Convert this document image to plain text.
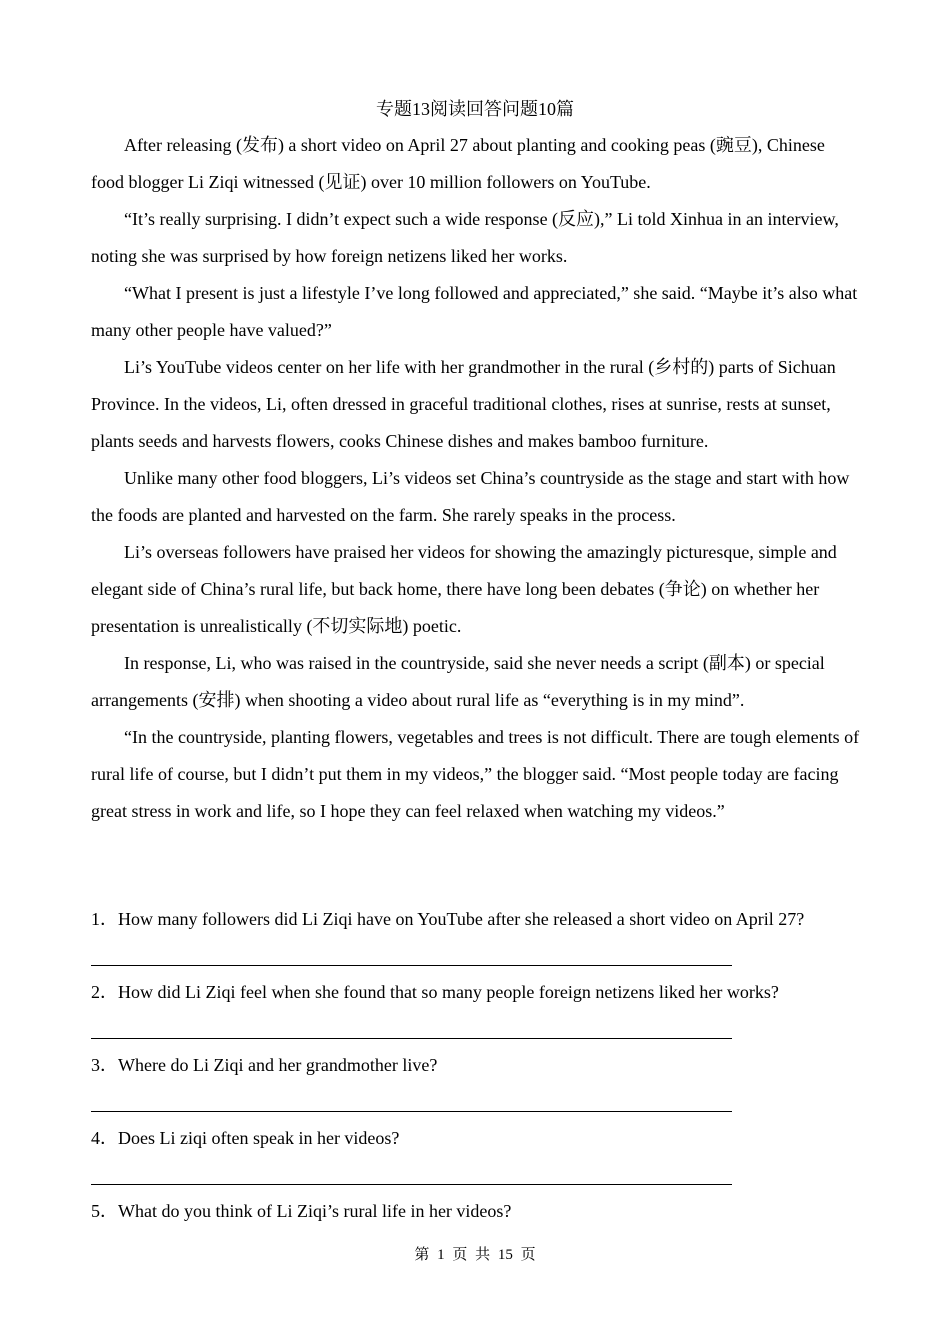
专题13阅读回答问题10篇

After releasing (发布) a short video on April 27 about planting and cooking peas (豌豆), Chinese food blogger Li Ziqi witnessed (见证) over 10 million followers on YouTube.

“It’s really surprising. I didn’t expect such a wide response (反应),” Li told Xinhua in an interview, noting she was surprised by how foreign netizens liked her works.

“What I present is just a lifestyle I’ve long followed and appreciated,” she said. “Maybe it’s also what many other people have valued?”

Li’s YouTube videos center on her life with her grandmother in the rural (乡村的) parts of Sichuan Province. In the videos, Li, often dressed in graceful traditional clothes, rises at sunrise, rests at sunset, plants seeds and harvests flowers, cooks Chinese dishes and makes bamboo furniture.

Unlike many other food bloggers, Li’s videos set China’s countryside as the stage and start with how the foods are planted and harvested on the farm. She rarely speaks in the process.

Li’s overseas followers have praised her videos for showing the amazingly picturesque, simple and elegant side of China’s rural life, but back home, there have long been debates (争论) on whether her presentation is unrealistically (不切实际地) poetic.

In response, Li, who was raised in the countryside, said she never needs a script (副本) or special arrangements (安排) when shooting a video about rural life as “everything is in my mind”.

“In the countryside, planting flowers, vegetables and trees is not difficult. There are tough elements of rural life of course, but I didn’t put them in my videos,” the blogger said. “Most people today are facing great stress in work and life, so I hope they can feel relaxed when watching my videos.”

1．How many followers did Li Ziqi have on YouTube after she released a short video on April 27?
2．How did Li Ziqi feel when she found that so many people foreign netizens liked her works?
3．Where do Li Ziqi and her grandmother live?
4．Does Li ziqi often speak in her videos?
5．What do you think of Li Ziqi’s rural life in her videos?
第 1 页 共 15 页
